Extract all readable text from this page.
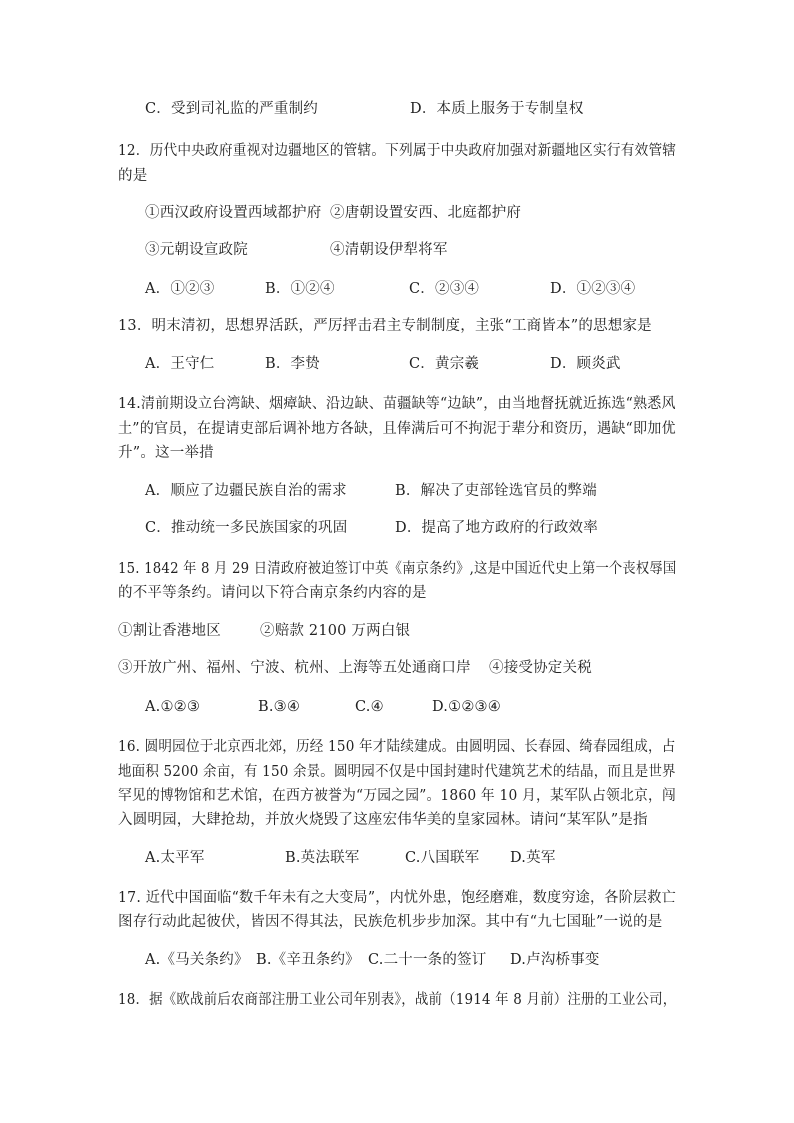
C．受到司礼监的严重制约	D．本质上服务于专制皇权
12．历代中央政府重视对边疆地区的管辖。下列属于中央政府加强对新疆地区实行有效管辖
的是
①西汉政府设置西域都护府 ②唐朝设置安西、北庭都护府
③元朝设宣政院	④清朝设伊犁将军
A．①②③	B．①②④	C．②③④	D．①②③④
13．明末清初，思想界活跃，严厉抨击君主专制制度，主张“工商皆本”的思想家是
A．王守仁	B．李贽	C．黄宗羲	D．顾炎武
14.清前期设立台湾缺、烟瘴缺、沿边缺、苗疆缺等“边缺”，由当地督抚就近拣选“熟悉风
土”的官员，在提请吏部后调补地方各缺，且俸满后可不拘泥于辈分和资历，遇缺“即加优
升”。这一举措
A．顺应了边疆民族自治的需求	B．解决了吏部铨选官员的弊端
C．推动统一多民族国家的巩固	D．提高了地方政府的行政效率
15. 1842 年 8 月 29 日清政府被迫签订中英《南京条约》,这是中国近代史上第一个丧权辱国
的不平等条约。请问以下符合南京条约内容的是
①割让香港地区	②赔款 2100 万两白银
③开放广州、福州、宁波、杭州、上海等五处通商口岸 ④接受协定关税
A.①②③	B.③④	C.④	D.①②③④
16. 圆明园位于北京西北郊，历经 150 年才陆续建成。由圆明园、长春园、绮春园组成，占
地面积 5200 余亩，有 150 余景。圆明园不仅是中国封建时代建筑艺术的结晶，而且是世界
罕见的博物馆和艺术馆，在西方被誉为“万园之园”。1860 年 10 月，某军队占领北京，闯
入圆明园，大肆抢劫，并放火烧毁了这座宏伟华美的皇家园林。请问“某军队”是指
A.太平军	B.英法联军	C.八国联军 D.英军
17. 近代中国面临“数千年未有之大变局”，内忧外患，饱经磨难，数度穷途，各阶层救亡
图存行动此起彼伏，皆因不得其法，民族危机步步加深。其中有“九七国耻”一说的是
A.《马关条约》 B.《辛丑条约》 C.二十一条的签订 D.卢沟桥事变
18．据《欧战前后农商部注册工业公司年别表》，战前（1914 年 8 月前）注册的工业公司，
